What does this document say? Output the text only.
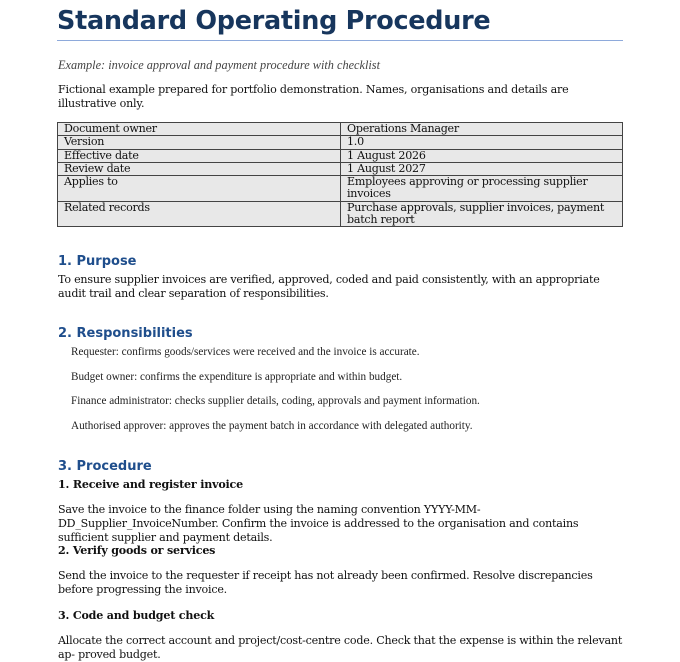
Standard Operating Procedure

Example: invoice approval and payment procedure with checklist

Fictional example prepared for portfolio demonstration. Names, organisations and details are illustrative only.

Document owner	Operations Manager
Version	1.0
Effective date	1 August 2026
Review date	1 August 2027
Applies to	Employees approving or processing supplier invoices
Related records	Purchase approvals, supplier invoices, payment batch report
1. Purpose

To ensure supplier invoices are verified, approved, coded and paid consistently, with an appropriate audit trail and clear separation of responsibilities.

2. Responsibilities

Requester: confirms goods/services were received and the invoice is accurate.

Budget owner: confirms the expenditure is appropriate and within budget.

Finance administrator: checks supplier details, coding, approvals and payment information.

Authorised approver: approves the payment batch in accordance with delegated authority.

3. Procedure

1. Receive and register invoice

Save the invoice to the finance folder using the naming convention YYYY-MM-DD_Supplier_InvoiceNumber. Confirm the invoice is addressed to the organisation and contains sufficient supplier and payment details.

2. Verify goods or services

Send the invoice to the requester if receipt has not already been confirmed. Resolve discrepancies before progressing the invoice.

3. Code and budget check

Allocate the correct account and project/cost-centre code. Check that the expense is within the relevant ap- proved budget.
